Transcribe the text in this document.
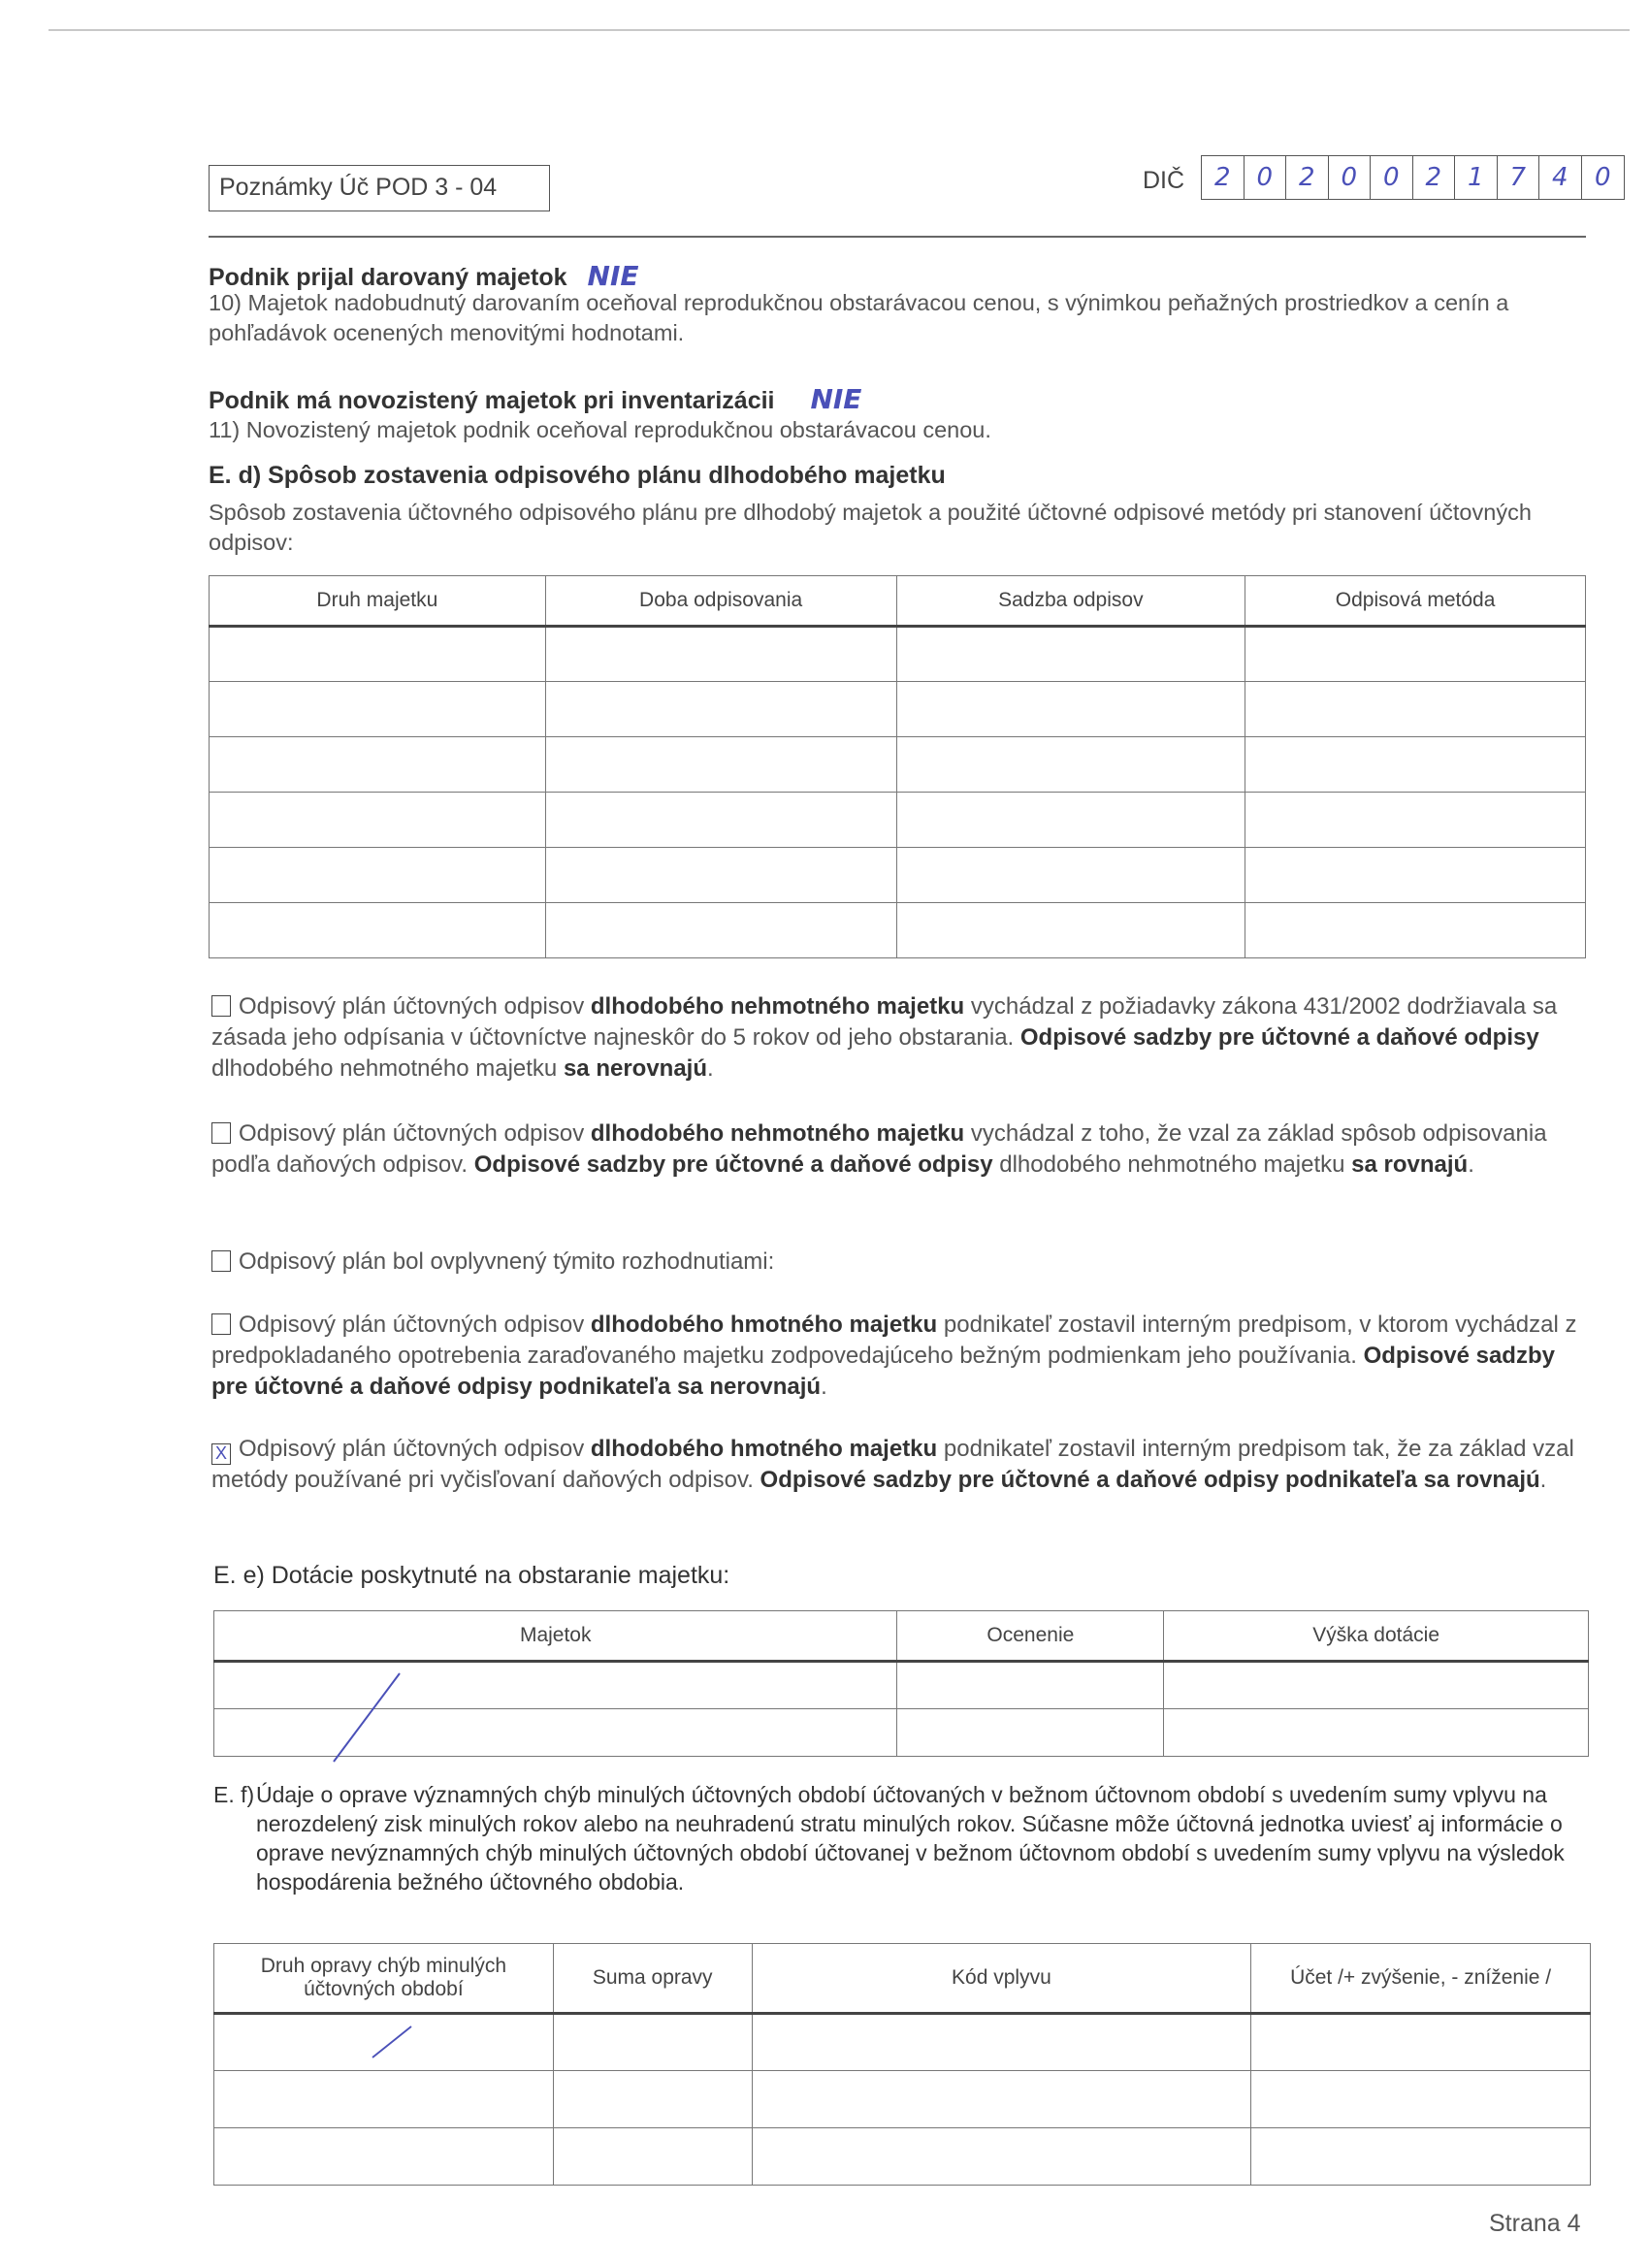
Poznámky Úč POD 3 - 04	DIČ	2	0	2	0	0	2	1	7	4	0
Podnik prijal darovaný majetok NIE
10) Majetok nadobudnutý darovaním oceňoval reprodukčnou obstarávacou cenou, s výnimkou peňažných prostriedkov a cenín a pohľadávok ocenených menovitými hodnotami.
Podnik má novozistený majetok pri inventarizácii NIE
11) Novozistený majetok podnik oceňoval reprodukčnou obstarávacou cenou.
E. d) Spôsob zostavenia odpisového plánu dlhodobého majetku
Spôsob zostavenia účtovného odpisového plánu pre dlhodobý majetok a použité účtovné odpisové metódy pri stanovení účtovných odpisov:
Druh majetku	Doba odpisovania	Sadzba odpisov	Odpisová metóda

Odpisový plán účtovných odpisov dlhodobého nehmotného majetku vychádzal z požiadavky zákona 431/2002 dodržiavala sa zásada jeho odpísania v účtovníctve najneskôr do 5 rokov od jeho obstarania. Odpisové sadzby pre účtovné a daňové odpisy dlhodobého nehmotného majetku sa nerovnajú.
Odpisový plán účtovných odpisov dlhodobého nehmotného majetku vychádzal z toho, že vzal za základ spôsob odpisovania podľa daňových odpisov. Odpisové sadzby pre účtovné a daňové odpisy dlhodobého nehmotného majetku sa rovnajú.
Odpisový plán bol ovplyvnený týmito rozhodnutiami:
Odpisový plán účtovných odpisov dlhodobého hmotného majetku podnikateľ zostavil interným predpisom, v ktorom vychádzal z predpokladaného opotrebenia zaraďovaného majetku zodpovedajúceho bežným podmienkam jeho používania. Odpisové sadzby pre účtovné a daňové odpisy podnikateľa sa nerovnajú.
X Odpisový plán účtovných odpisov dlhodobého hmotného majetku podnikateľ zostavil interným predpisom tak, že za základ vzal metódy používané pri vyčisľovaní daňových odpisov. Odpisové sadzby pre účtovné a daňové odpisy podnikateľa sa rovnajú.
E. e) Dotácie poskytnuté na obstaranie majetku:
Majetok	Ocenenie	Výška dotácie

E. f) Údaje o oprave významných chýb minulých účtovných období účtovaných v bežnom účtovnom období s uvedením sumy vplyvu na nerozdelený zisk minulých rokov alebo na neuhradenú stratu minulých rokov. Súčasne môže účtovná jednotka uviesť aj informácie o oprave nevýznamných chýb minulých účtovných období účtovanej v bežnom účtovnom období s uvedením sumy vplyvu na výsledok hospodárenia bežného účtovného obdobia.
Druh opravy chýb minulých účtovných období	Suma opravy	Kód vplyvu	Účet /+ zvýšenie, - zníženie /

Strana 4
